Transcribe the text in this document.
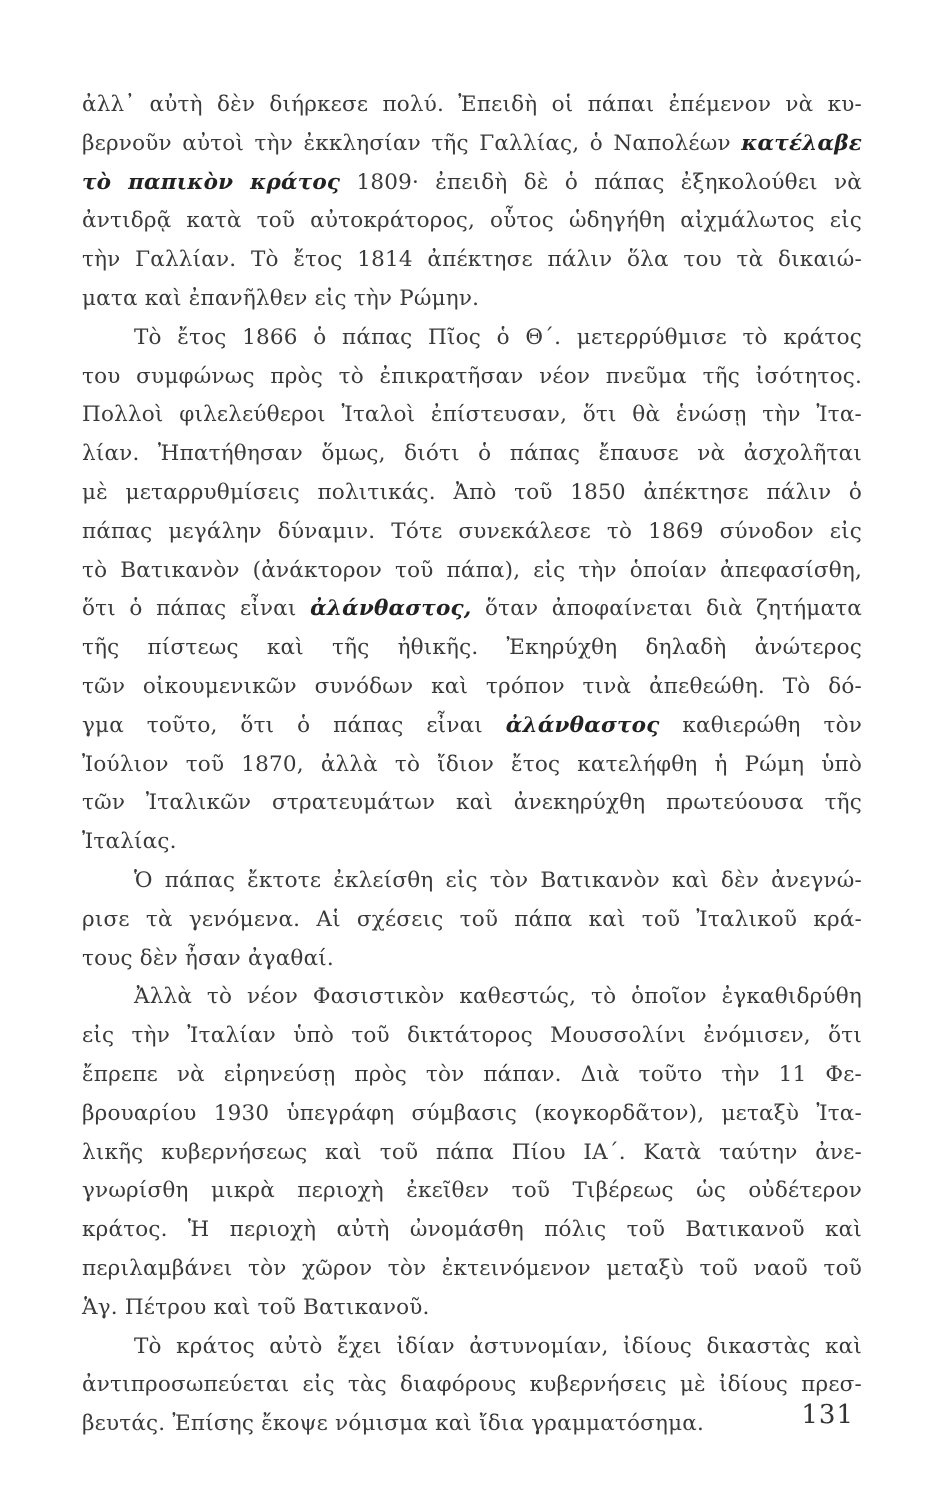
ἀλλ᾽ αὐτὴ δὲν διήρκεσε πολύ. Ἐπειδὴ οἱ πάπαι ἐπέμενον νὰ κυ-
βερνοῦν αὐτοὶ τὴν ἐκκλησίαν τῆς Γαλλίας, ὁ Ναπολέων κατέλαβε
τὸ παπικὸν κράτος 1809· ἐπειδὴ δὲ ὁ πάπας ἐξηκολούθει νὰ
ἀντιδρᾷ κατὰ τοῦ αὐτοκράτορος, οὗτος ὡδηγήθη αἰχμάλωτος εἰς
τὴν Γαλλίαν. Τὸ ἔτος 1814 ἀπέκτησε πάλιν ὅλα του τὰ δικαιώ-
ματα καὶ ἐπανῆλθεν εἰς τὴν Ρώμην.
Τὸ ἔτος 1866 ὁ πάπας Πῖος ὁ Θ΄. μετερρύθμισε τὸ κράτος
του συμφώνως πρὸς τὸ ἐπικρατῆσαν νέον πνεῦμα τῆς ἰσότητος.
Πολλοὶ φιλελεύθεροι Ἰταλοὶ ἐπίστευσαν, ὅτι θὰ ἑνώσῃ τὴν Ἰτα-
λίαν. Ἠπατήθησαν ὅμως, διότι ὁ πάπας ἔπαυσε νὰ ἀσχολῆται
μὲ μεταρρυθμίσεις πολιτικάς. Ἀπὸ τοῦ 1850 ἀπέκτησε πάλιν ὁ
πάπας μεγάλην δύναμιν. Τότε συνεκάλεσε τὸ 1869 σύνοδον εἰς
τὸ Βατικανὸν (ἀνάκτορον τοῦ πάπα), εἰς τὴν ὁποίαν ἀπεφασίσθη,
ὅτι ὁ πάπας εἶναι ἀλάνθαστος, ὅταν ἀποφαίνεται διὰ ζητήματα
τῆς πίστεως καὶ τῆς ἠθικῆς. Ἐκηρύχθη δηλαδὴ ἀνώτερος
τῶν οἰκουμενικῶν συνόδων καὶ τρόπον τινὰ ἀπεθεώθη. Τὸ δό-
γμα τοῦτο, ὅτι ὁ πάπας εἶναι ἀλάνθαστος καθιερώθη τὸν
Ἰούλιον τοῦ 1870, ἀλλὰ τὸ ἴδιον ἔτος κατελήφθη ἡ Ρώμη ὑπὸ
τῶν Ἰταλικῶν στρατευμάτων καὶ ἀνεκηρύχθη πρωτεύουσα τῆς
Ἰταλίας.
Ὁ πάπας ἔκτοτε ἐκλείσθη εἰς τὸν Βατικανὸν καὶ δὲν ἀνεγνώ-
ρισε τὰ γενόμενα. Αἱ σχέσεις τοῦ πάπα καὶ τοῦ Ἰταλικοῦ κρά-
τους δὲν ἦσαν ἀγαθαί.
Ἀλλὰ τὸ νέον Φασιστικὸν καθεστώς, τὸ ὁποῖον ἐγκαθιδρύθη
εἰς τὴν Ἰταλίαν ὑπὸ τοῦ δικτάτορος Μουσσολίνι ἐνόμισεν, ὅτι
ἔπρεπε νὰ εἰρηνεύσῃ πρὸς τὸν πάπαν. Διὰ τοῦτο τὴν 11 Φε-
βρουαρίου 1930 ὑπεγράφη σύμβασις (κογκορδᾶτον), μεταξὺ Ἰτα-
λικῆς κυβερνήσεως καὶ τοῦ πάπα Πίου ΙΑ΄. Κατὰ ταύτην ἀνε-
γνωρίσθη μικρὰ περιοχὴ ἐκεῖθεν τοῦ Τιβέρεως ὡς οὐδέτερον
κράτος. Ἡ περιοχὴ αὐτὴ ὠνομάσθη πόλις τοῦ Βατικανοῦ καὶ
περιλαμβάνει τὸν χῶρον τὸν ἐκτεινόμενον μεταξὺ τοῦ ναοῦ τοῦ
Ἁγ. Πέτρου καὶ τοῦ Βατικανοῦ.
Τὸ κράτος αὐτὸ ἔχει ἰδίαν ἀστυνομίαν, ἰδίους δικαστὰς καὶ
ἀντιπροσωπεύεται εἰς τὰς διαφόρους κυβερνήσεις μὲ ἰδίους πρεσ-
βευτάς. Ἐπίσης ἔκοψε νόμισμα καὶ ἴδια γραμματόσημα.	131
